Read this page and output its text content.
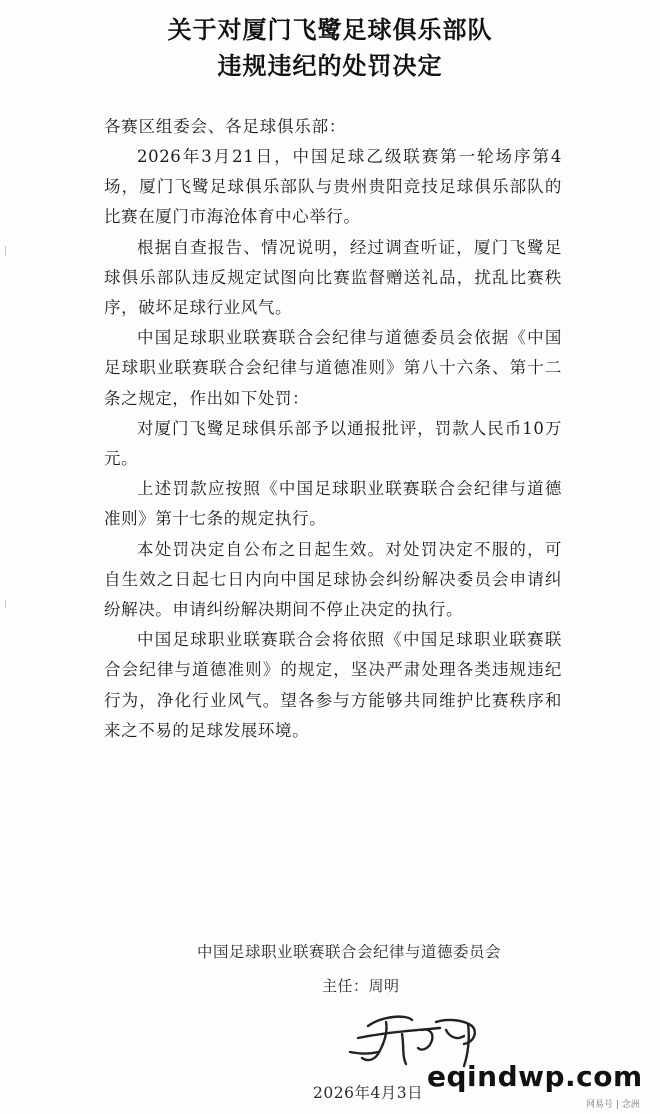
关于对厦门飞鹭足球俱乐部队
违规违纪的处罚决定
各赛区组委会、各足球俱乐部：

2026年3月21日，中国足球乙级联赛第一轮场序第4场，厦门飞鹭足球俱乐部队与贵州贵阳竞技足球俱乐部队的比赛在厦门市海沧体育中心举行。

根据自查报告、情况说明，经过调查听证，厦门飞鹭足球俱乐部队违反规定试图向比赛监督赠送礼品，扰乱比赛秩序，破坏足球行业风气。

中国足球职业联赛联合会纪律与道德委员会依据《中国足球职业联赛联合会纪律与道德准则》第八十六条、第十二条之规定，作出如下处罚：

对厦门飞鹭足球俱乐部予以通报批评，罚款人民币10万元。

上述罚款应按照《中国足球职业联赛联合会纪律与道德准则》第十七条的规定执行。

本处罚决定自公布之日起生效。对处罚决定不服的，可自生效之日起七日内向中国足球协会纠纷解决委员会申请纠纷解决。申请纠纷解决期间不停止决定的执行。

中国足球职业联赛联合会将依照《中国足球职业联赛联合会纪律与道德准则》的规定，坚决严肃处理各类违规违纪行为，净化行业风气。望各参与方能够共同维护比赛秩序和来之不易的足球发展环境。

中国足球职业联赛联合会纪律与道德委员会
主任：周明
2026年4月3日 eqindwp.com
网易号 | 念洲
